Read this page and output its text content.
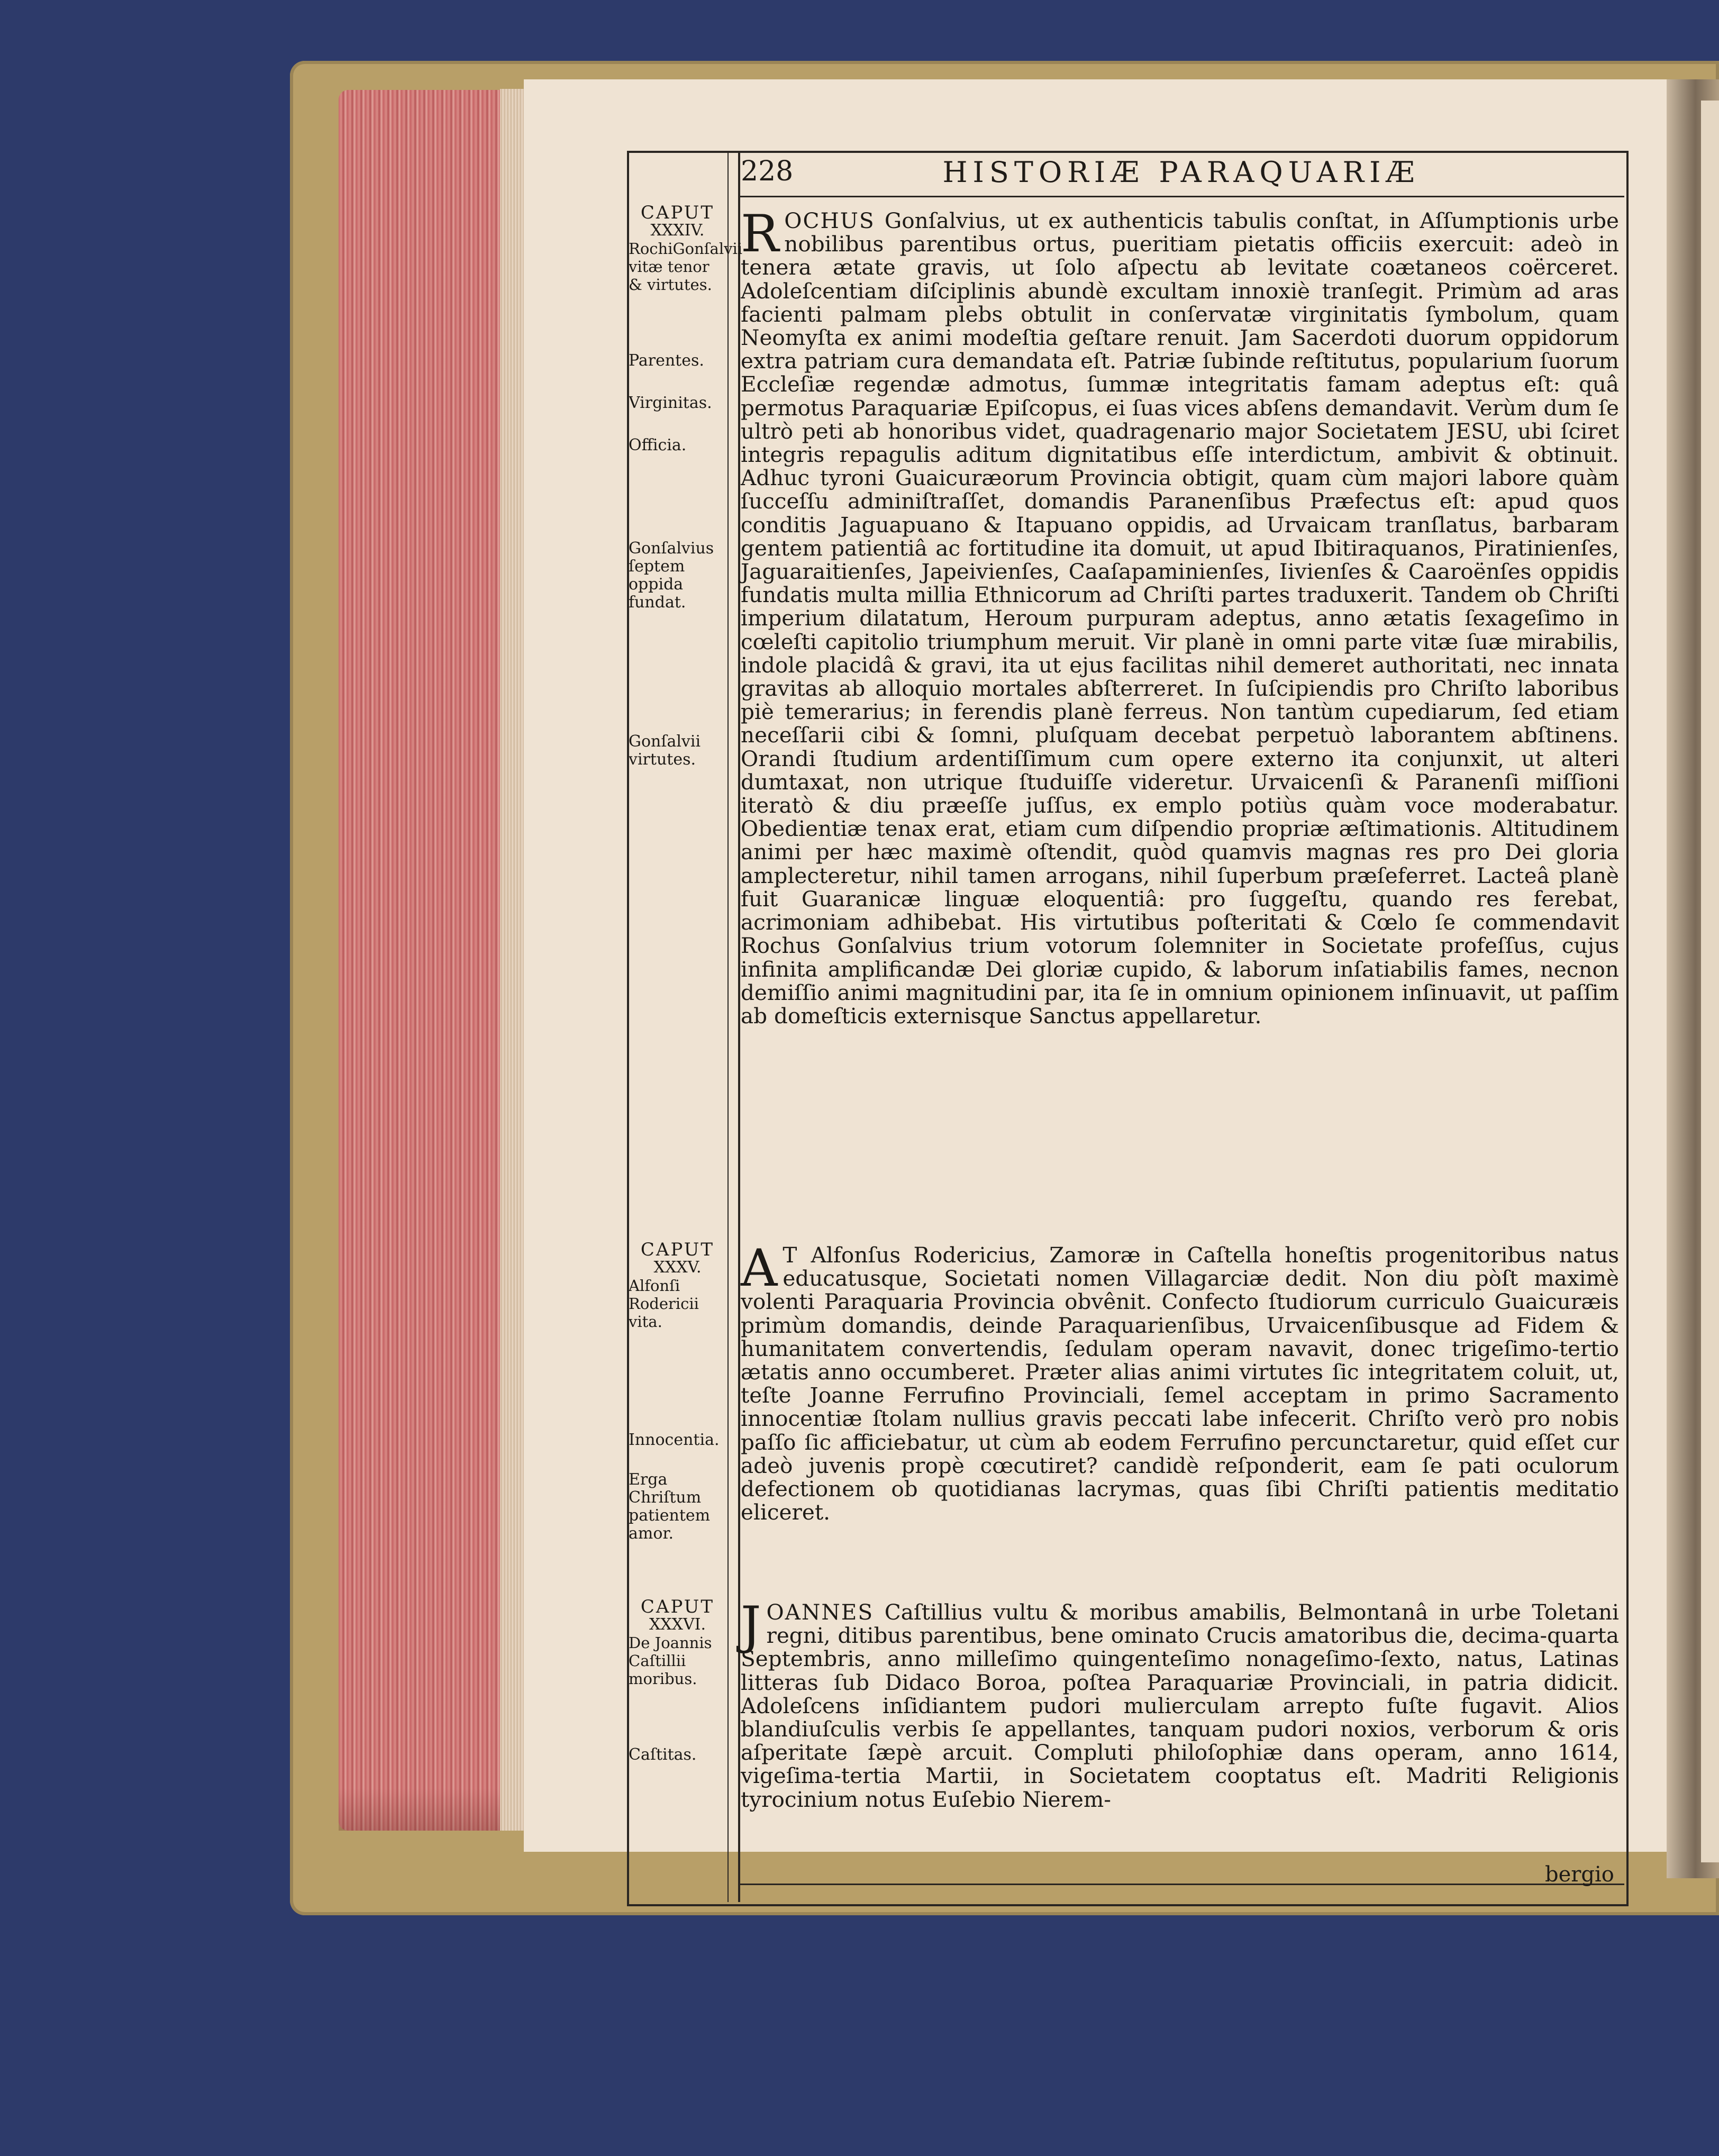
228	HISTORIÆ PARAQUARIÆ
CAPUT
XXXIV.
RochiGonſalvii vitæ tenor & virtutes.
Parentes.
Virginitas.
Officia.
Gonſalvius ſeptem oppida fundat.
Gonſalvii virtutes.
CAPUT
XXXV.
Alfonſi Rodericii vita.
Innocentia.
Erga Chriſtum patientem amor.
CAPUT
XXXVI.
De Joannis Caſtillii moribus.
Caſtitas.

ROCHUS Gonſalvius, ut ex authenticis tabulis conſtat, in Aſſumptionis urbe nobilibus parentibus ortus, pueritiam pietatis officiis exercuit: adeò in tenera ætate gravis, ut ſolo aſpectu ab levitate coætaneos coërceret. Adoleſcentiam diſciplinis abundè excultam innoxiè tranſegit. Primùm ad aras facienti palmam plebs obtulit in conſervatæ virginitatis ſymbolum, quam Neomyſta ex animi modeſtia geſtare renuit. Jam Sacerdoti duorum oppidorum extra patriam cura demandata eſt. Patriæ ſubinde reſtitutus, popularium ſuorum Eccleſiæ regendæ admotus, ſummæ integritatis famam adeptus eſt: quâ permotus Paraquariæ Epiſcopus, ei ſuas vices abſens demandavit. Verùm dum ſe ultrò peti ab honoribus videt, quadragenario major Societatem JESU, ubi ſciret integris repagulis aditum dignitatibus eſſe interdictum, ambivit & obtinuit. Adhuc tyroni Guaicuræorum Provincia obtigit, quam cùm majori labore quàm ſucceſſu adminiſtraſſet, domandis Paranenſibus Præfectus eſt: apud quos conditis Jaguapuano & Itapuano oppidis, ad Urvaicam tranſlatus, barbaram gentem patientiâ ac fortitudine ita domuit, ut apud Ibitiraquanos, Piratinienſes, Jaguaraitienſes, Japeivienſes, Caaſapaminienſes, Iivienſes & Caaroënſes oppidis fundatis multa millia Ethnicorum ad Chriſti partes traduxerit. Tandem ob Chriſti imperium dilatatum, Heroum purpuram adeptus, anno ætatis ſexageſimo in cœleſti capitolio triumphum meruit. Vir planè in omni parte vitæ ſuæ mirabilis, indole placidâ & gravi, ita ut ejus facilitas nihil demeret authoritati, nec innata gravitas ab alloquio mortales abſterreret. In ſuſcipiendis pro Chriſto laboribus piè temerarius; in ferendis planè ferreus. Non tantùm cupediarum, ſed etiam neceſſarii cibi & ſomni, pluſquam decebat perpetuò laborantem abſtinens. Orandi ſtudium ardentiſſimum cum opere externo ita conjunxit, ut alteri dumtaxat, non utrique ſtuduiſſe videretur. Urvaicenſi & Paranenſi miſſioni iteratò & diu præeſſe juſſus, ex emplo potiùs quàm voce moderabatur. Obedientiæ tenax erat, etiam cum diſpendio propriæ æſtimationis. Altitudinem animi per hæc maximè oſtendit, quòd quamvis magnas res pro Dei gloria amplecteretur, nihil tamen arrogans, nihil ſuperbum præſeferret. Lacteâ planè fuit Guaranicæ linguæ eloquentiâ: pro ſuggeſtu, quando res ferebat, acrimoniam adhibebat. His virtutibus poſteritati & Cœlo ſe commendavit Rochus Gonſalvius trium votorum ſolemniter in Societate profeſſus, cujus infinita amplificandæ Dei gloriæ cupido, & laborum inſatiabilis fames, necnon demiſſio animi magnitudini par, ita ſe in omnium opinionem inſinuavit, ut paſſim ab domeſticis externisque Sanctus appellaretur.

A T Alfonſus Rodericius, Zamoræ in Caſtella honeſtis progenitoribus natus educatusque, Societati nomen Villagarciæ dedit. Non diu pòſt maximè volenti Paraquaria Provincia obvênit. Confecto ſtudiorum curriculo Guaicuræis primùm domandis, deinde Paraquarienſibus, Urvaicenſibusque ad Fidem & humanitatem convertendis, ſedulam operam navavit, donec trigeſimo-tertio ætatis anno occumberet. Præter alias animi virtutes ſic integritatem coluit, ut, teſte Joanne Ferrufino Provinciali, ſemel acceptam in primo Sacramento innocentiæ ſtolam nullius gravis peccati labe infecerit. Chriſto verò pro nobis paſſo ſic afficiebatur, ut cùm ab eodem Ferrufino percunctaretur, quid eſſet cur adeò juvenis propè cœcutiret? candidè reſponderit, eam ſe pati oculorum defectionem ob quotidianas lacrymas, quas ſibi Chriſti patientis meditatio eliceret.

JOANNES Caſtillius vultu & moribus amabilis, Belmontanâ in urbe Toletani regni, ditibus parentibus, bene ominato Crucis amatoribus die, decima-quarta Septembris, anno milleſimo quingenteſimo nonageſimo-ſexto, natus, Latinas litteras ſub Didaco Boroa, poſtea Paraquariæ Provinciali, in patria didicit. Adoleſcens inſidiantem pudori mulierculam arrepto fuſte fugavit. Alios blandiuſculis verbis ſe appellantes, tanquam pudori noxios, verborum & oris aſperitate ſæpè arcuit. Compluti philoſophiæ dans operam, anno 1614, vigeſima-tertia Martii, in Societatem cooptatus eſt. Madriti Religionis tyrocinium notus Euſebio Nierem-

bergio
